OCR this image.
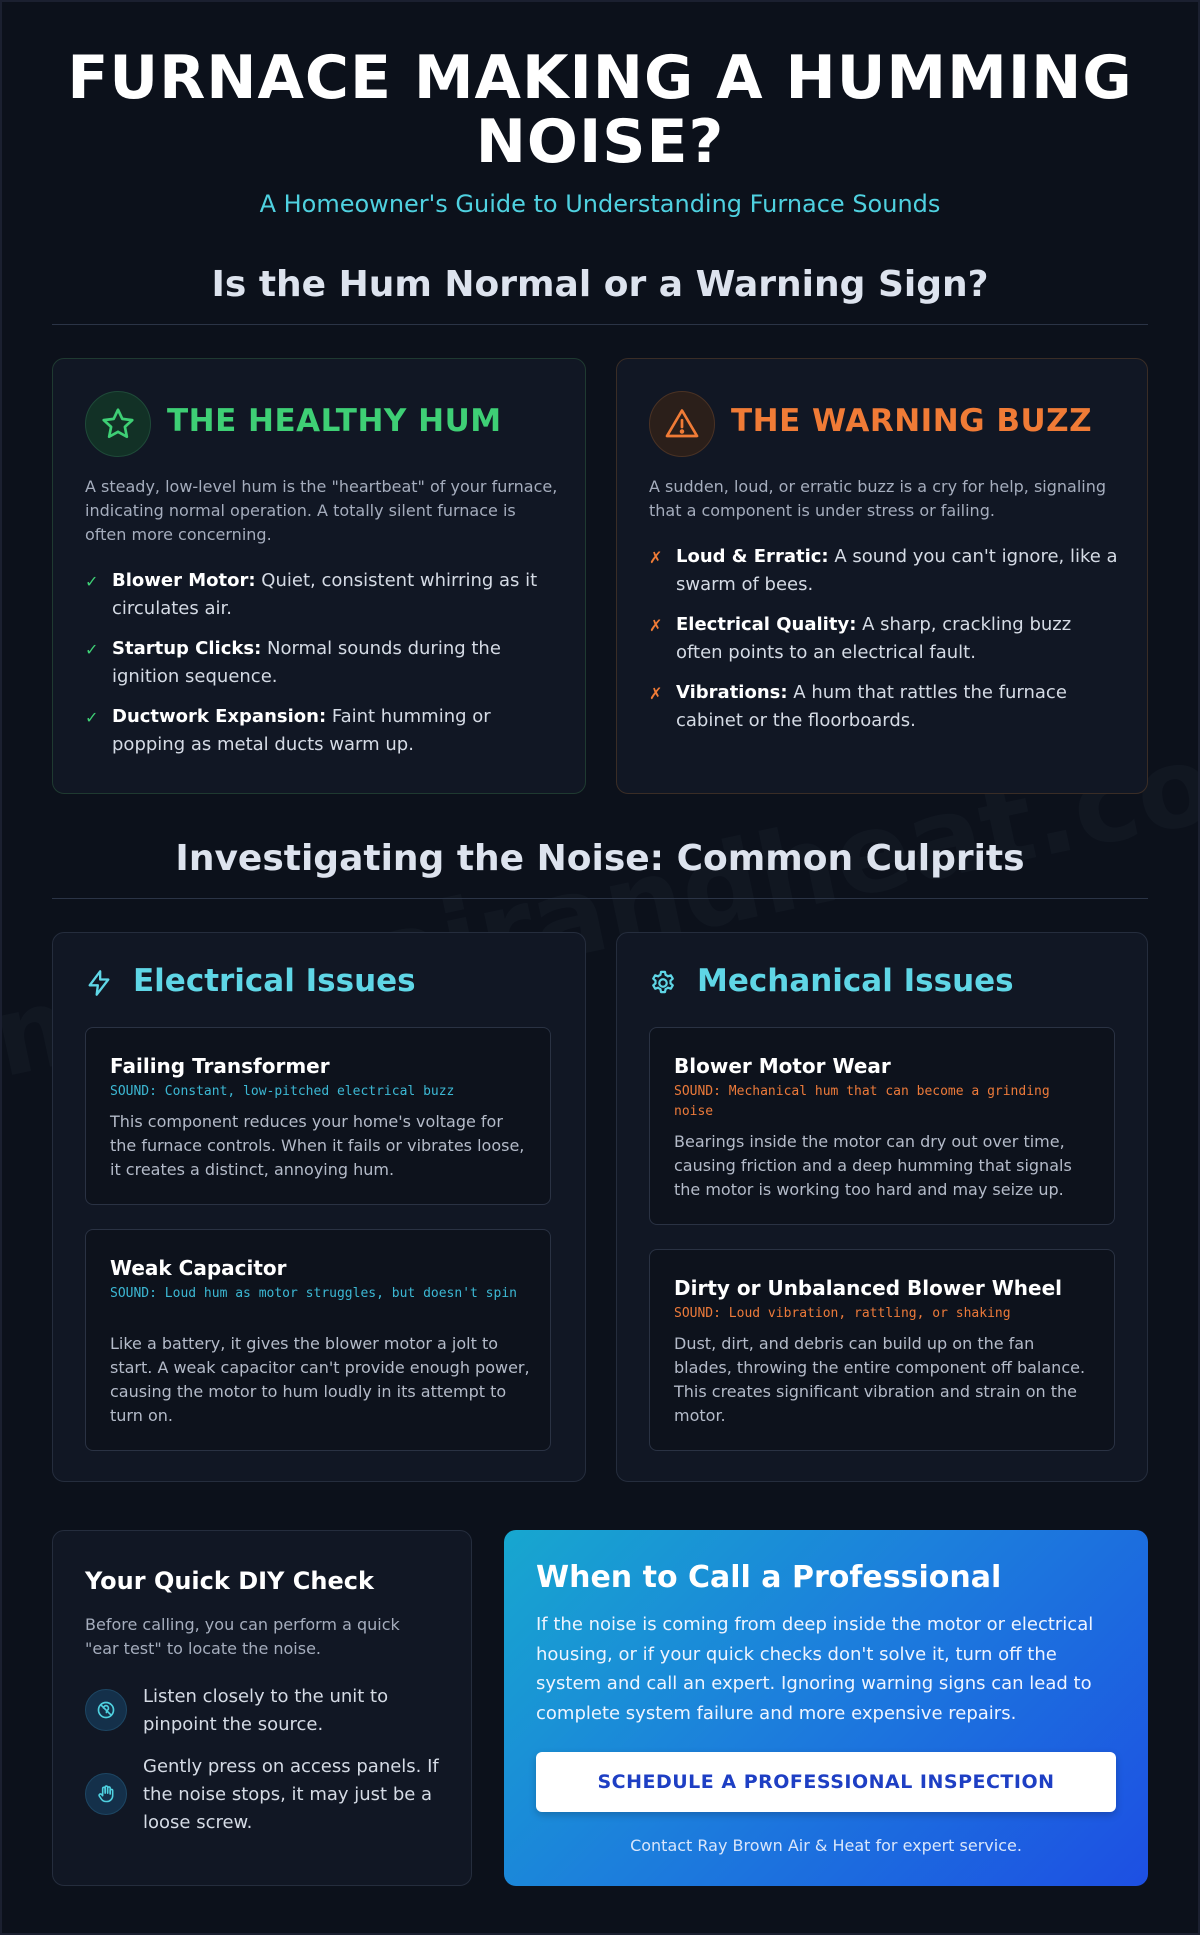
FURNACE MAKING A HUMMING NOISE?
A Homeowner's Guide to Understanding Furnace Sounds
Is the Hum Normal or a Warning Sign?
THE HEALTHY HUM
A steady, low-level hum is the "heartbeat" of your furnace, indicating normal operation. A totally silent furnace is often more concerning.
✓ Blower Motor: Quiet, consistent whirring as it circulates air.
✓ Startup Clicks: Normal sounds during the ignition sequence.
✓ Ductwork Expansion: Faint humming or popping as metal ducts warm up.
THE WARNING BUZZ
A sudden, loud, or erratic buzz is a cry for help, signaling that a component is under stress or failing.
✗ Loud & Erratic: A sound you can't ignore, like a swarm of bees.
✗ Electrical Quality: A sharp, crackling buzz often points to an electrical fault.
✗ Vibrations: A hum that rattles the furnace cabinet or the floorboards.
Investigating the Noise: Common Culprits
Electrical Issues
Failing Transformer
SOUND: Constant, low-pitched electrical buzz
This component reduces your home's voltage for the furnace controls. When it fails or vibrates loose, it creates a distinct, annoying hum.
Weak Capacitor
SOUND: Loud hum as motor struggles, but doesn't spin
Like a battery, it gives the blower motor a jolt to start. A weak capacitor can't provide enough power, causing the motor to hum loudly in its attempt to turn on.
Mechanical Issues
Blower Motor Wear
SOUND: Mechanical hum that can become a grinding noise
Bearings inside the motor can dry out over time, causing friction and a deep humming that signals the motor is working too hard and may seize up.
Dirty or Unbalanced Blower Wheel
SOUND: Loud vibration, rattling, or shaking
Dust, dirt, and debris can build up on the fan blades, throwing the entire component off balance. This creates significant vibration and strain on the motor.
Your Quick DIY Check
Before calling, you can perform a quick "ear test" to locate the noise.
Listen closely to the unit to pinpoint the source.
Gently press on access panels. If the noise stops, it may just be a loose screw.
When to Call a Professional
If the noise is coming from deep inside the motor or electrical housing, or if your quick checks don't solve it, turn off the system and call an expert. Ignoring warning signs can lead to complete system failure and more expensive repairs.
SCHEDULE A PROFESSIONAL INSPECTION
Contact Ray Brown Air & Heat for expert service.
